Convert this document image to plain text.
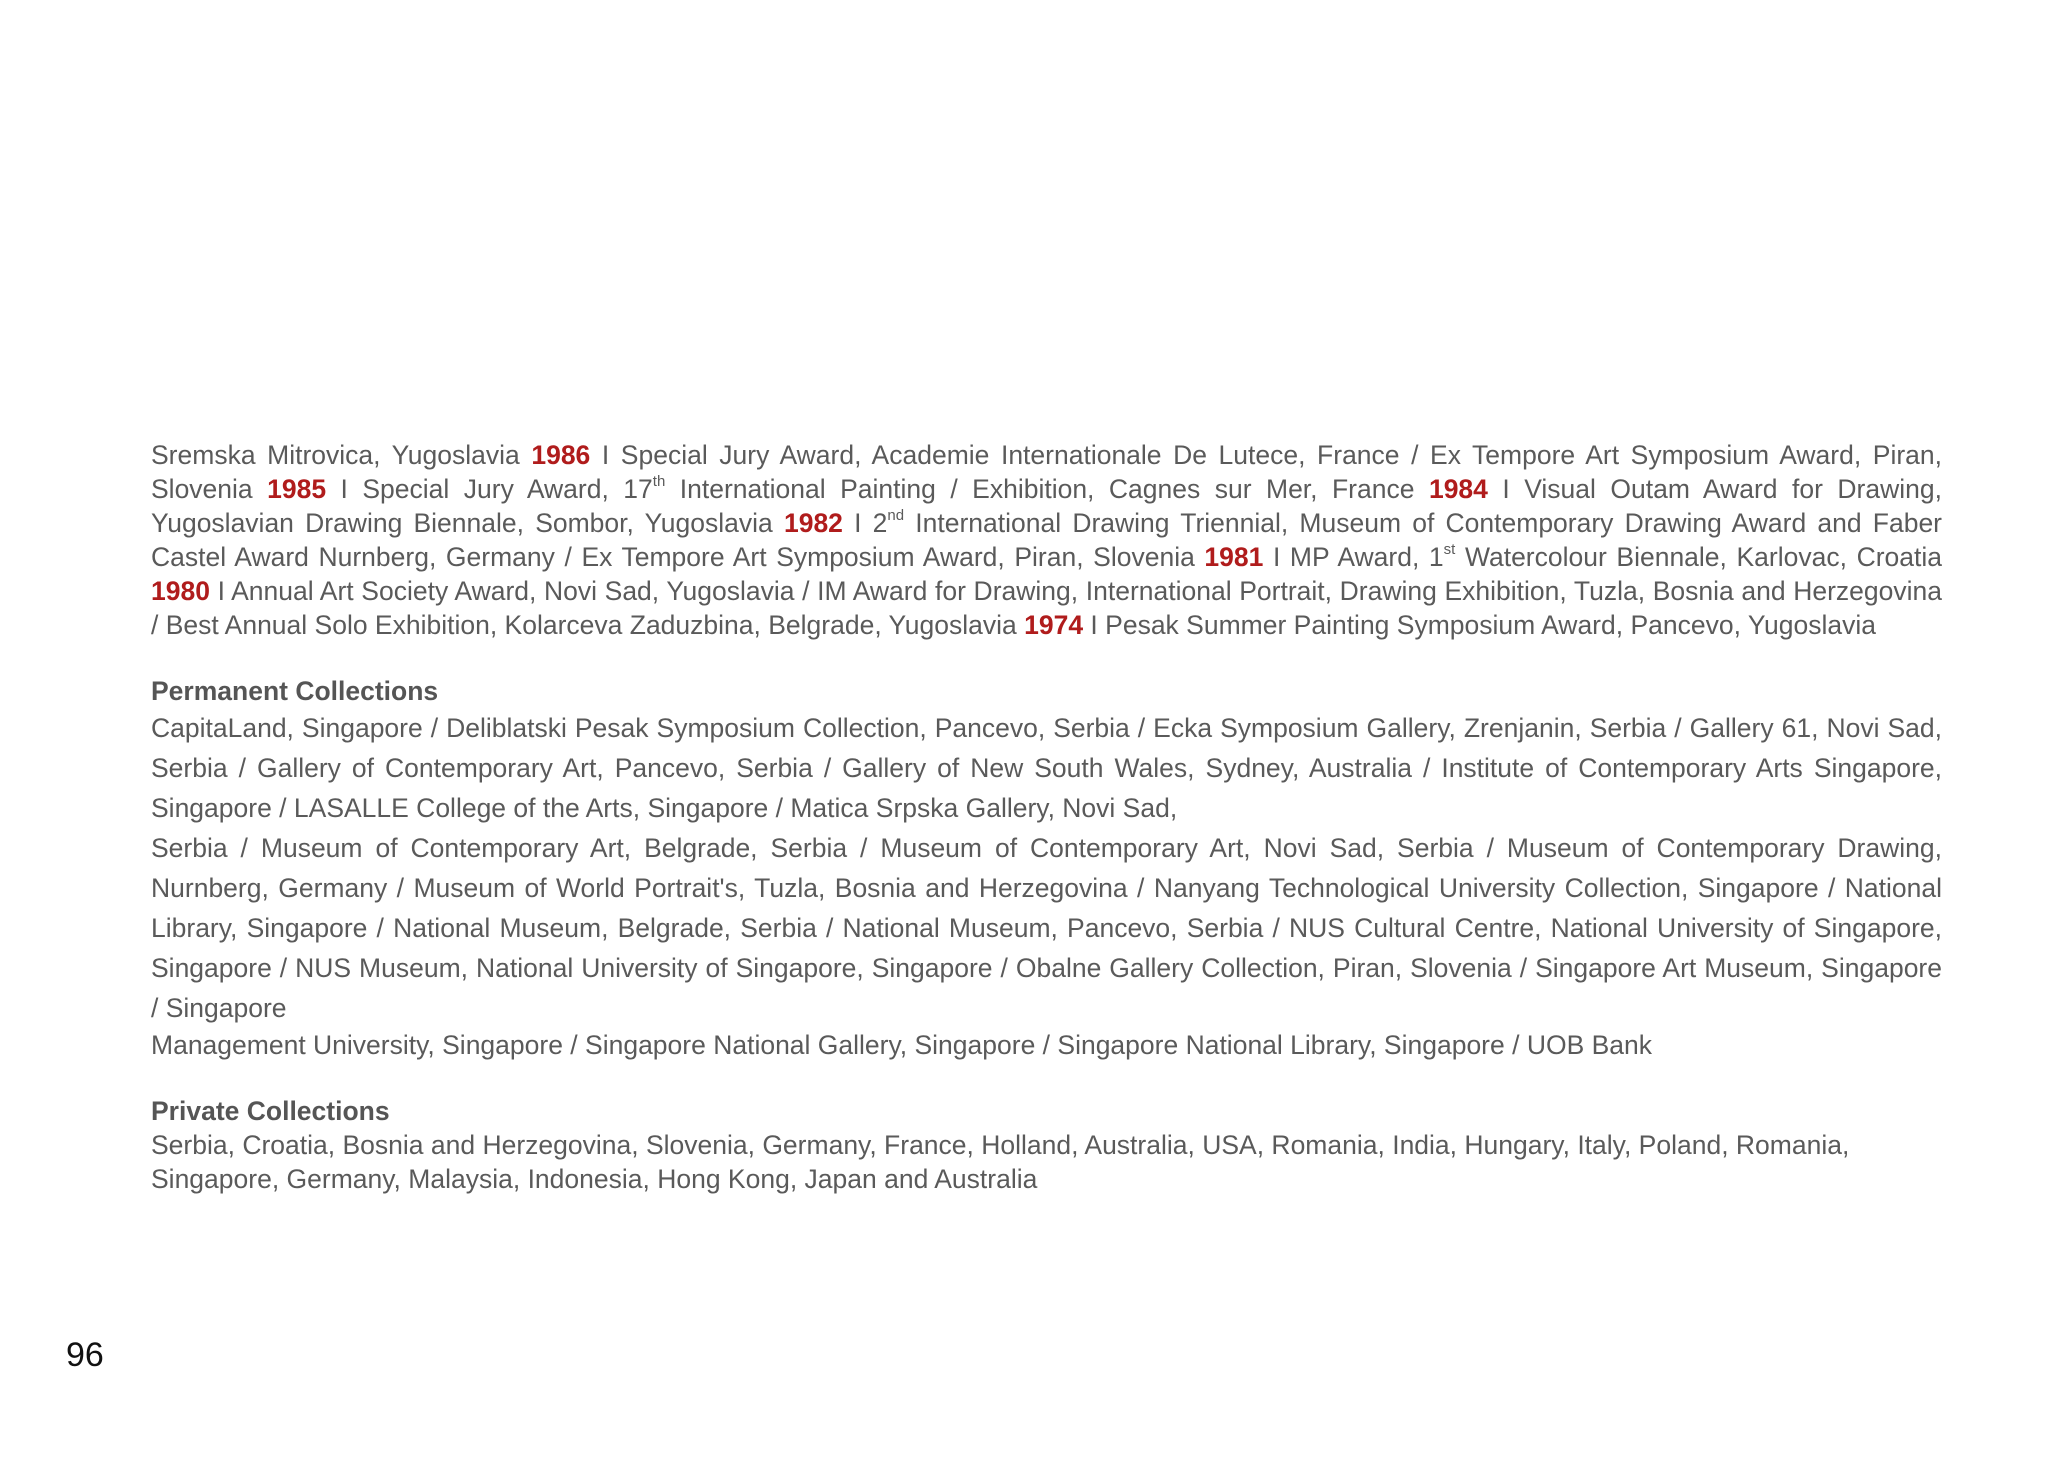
Sremska Mitrovica, Yugoslavia 1986 I Special Jury Award, Academie Internationale De Lutece, France / Ex Tempore Art Symposium Award, Piran, Slovenia 1985 I Special Jury Award, 17th International Painting / Exhibition, Cagnes sur Mer, France 1984 I Visual Outam Award for Drawing, Yugoslavian Drawing Biennale, Sombor, Yugoslavia 1982 I 2nd International Drawing Triennial, Museum of Contemporary Drawing Award and Faber Castel Award Nurnberg, Germany / Ex Tempore Art Symposium Award, Piran, Slovenia 1981 I MP Award, 1st Watercolour Biennale, Karlovac, Croatia 1980 I Annual Art Society Award, Novi Sad, Yugoslavia / IM Award for Drawing, International Portrait, Drawing Exhibition, Tuzla, Bosnia and Herzegovina / Best Annual Solo Exhibition, Kolarceva Zaduzbina, Belgrade, Yugoslavia 1974 I Pesak Summer Painting Symposium Award, Pancevo, Yugoslavia

Permanent Collections

CapitaLand, Singapore / Deliblatski Pesak Symposium Collection, Pancevo, Serbia / Ecka Symposium Gallery, Zrenjanin, Serbia / Gallery 61, Novi Sad, Serbia / Gallery of Contemporary Art, Pancevo, Serbia / Gallery of New South Wales, Sydney, Australia / Institute of Contemporary Arts Singapore, Singapore / LASALLE College of the Arts, Singapore / Matica Srpska Gallery, Novi Sad,

Serbia / Museum of Contemporary Art, Belgrade, Serbia / Museum of Contemporary Art, Novi Sad, Serbia / Museum of Contemporary Drawing, Nurnberg, Germany / Museum of World Portrait's, Tuzla, Bosnia and Herzegovina / Nanyang Technological University Collection, Singapore / National Library, Singapore / National Museum, Belgrade, Serbia / National Museum, Pancevo, Serbia / NUS Cultural Centre, National University of Singapore, Singapore / NUS Museum, National University of Singapore, Singapore / Obalne Gallery Collection, Piran, Slovenia / Singapore Art Museum, Singapore / Singapore

Management University, Singapore / Singapore National Gallery, Singapore / Singapore National Library, Singapore / UOB Bank

Private Collections

Serbia, Croatia, Bosnia and Herzegovina, Slovenia, Germany, France, Holland, Australia, USA, Romania, India, Hungary, Italy, Poland, Romania, Singapore, Germany, Malaysia, Indonesia, Hong Kong, Japan and Australia

96
